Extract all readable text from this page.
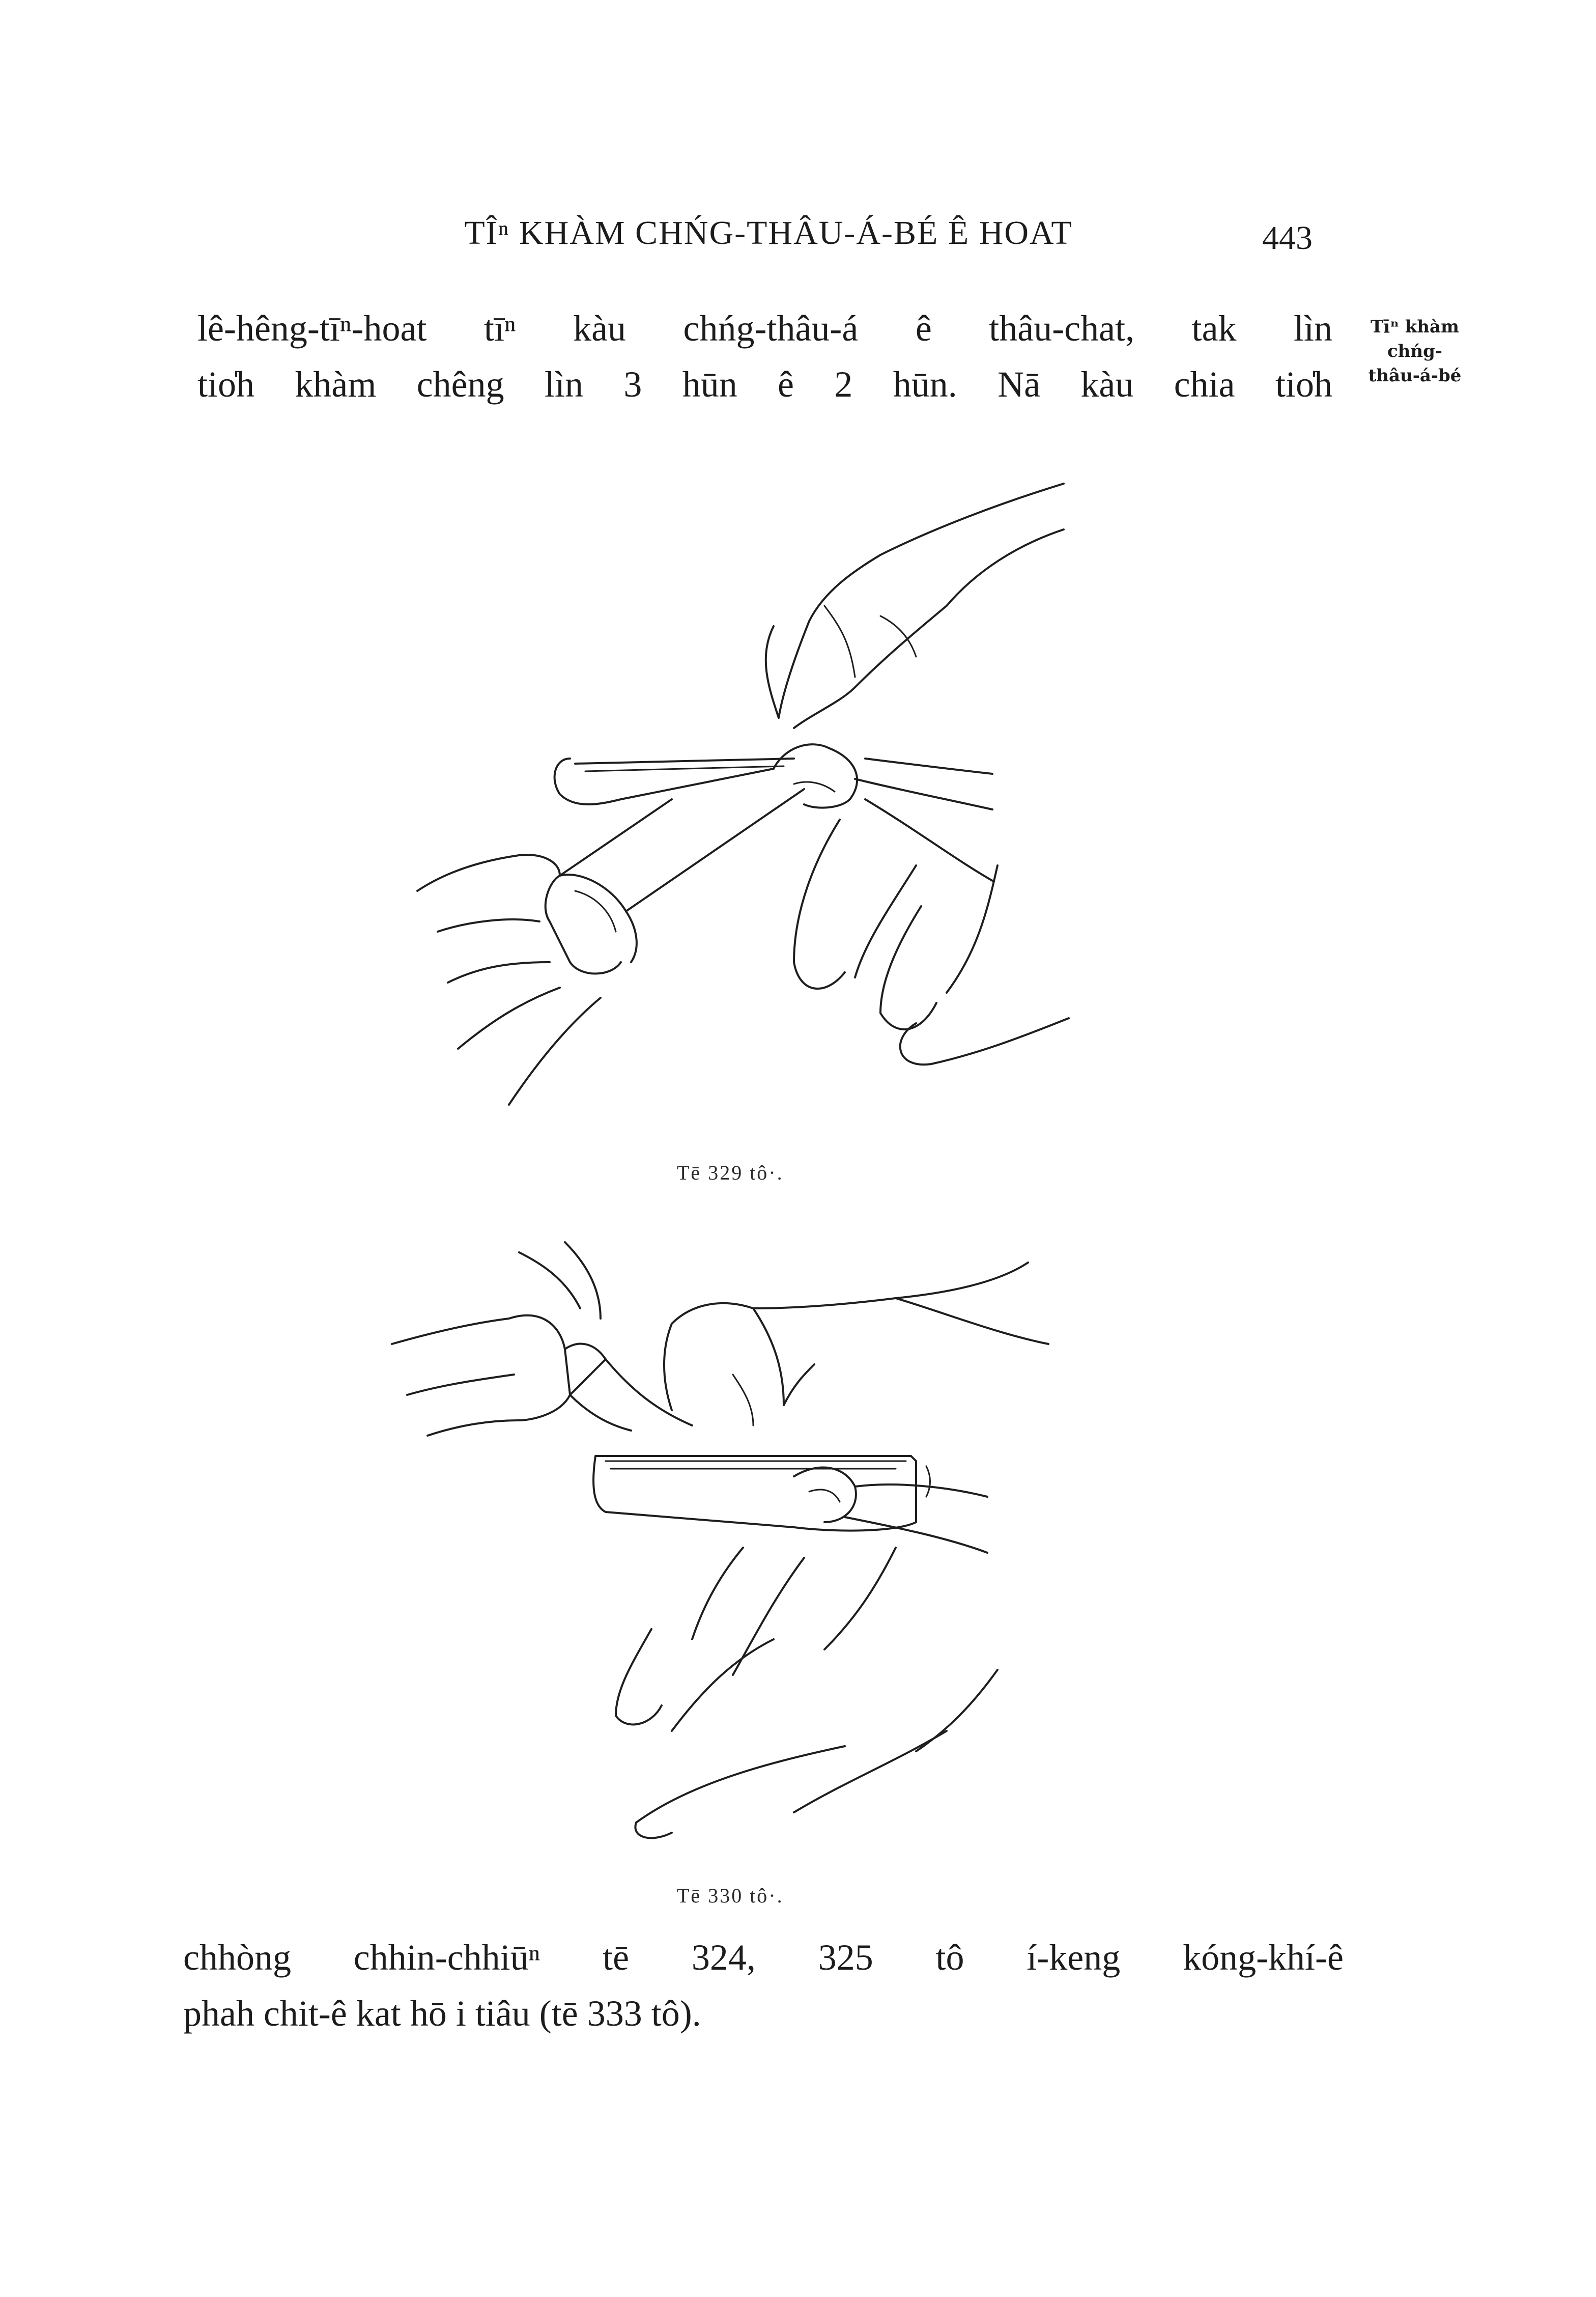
TÎⁿ KHÀM CHŃG-THÂU-Á-BÉ Ê HOAT	443
lê-hêng-tīⁿ-hoat tīⁿ kàu chńg-thâu-á ê thâu-chat, tak lìn
tio̍h khàm chêng lìn 3 hūn ê 2 hūn. Nā kàu chia tio̍h
Tīⁿ khàm
chńg-
thâu-á-bé
Tē 329 tô·.
Tē 330 tô·.
chhòng chhin-chhiūⁿ tē 324, 325 tô í-keng kóng-khí-ê
phah chit-ê kat hō i tiâu (tē 333 tô).
